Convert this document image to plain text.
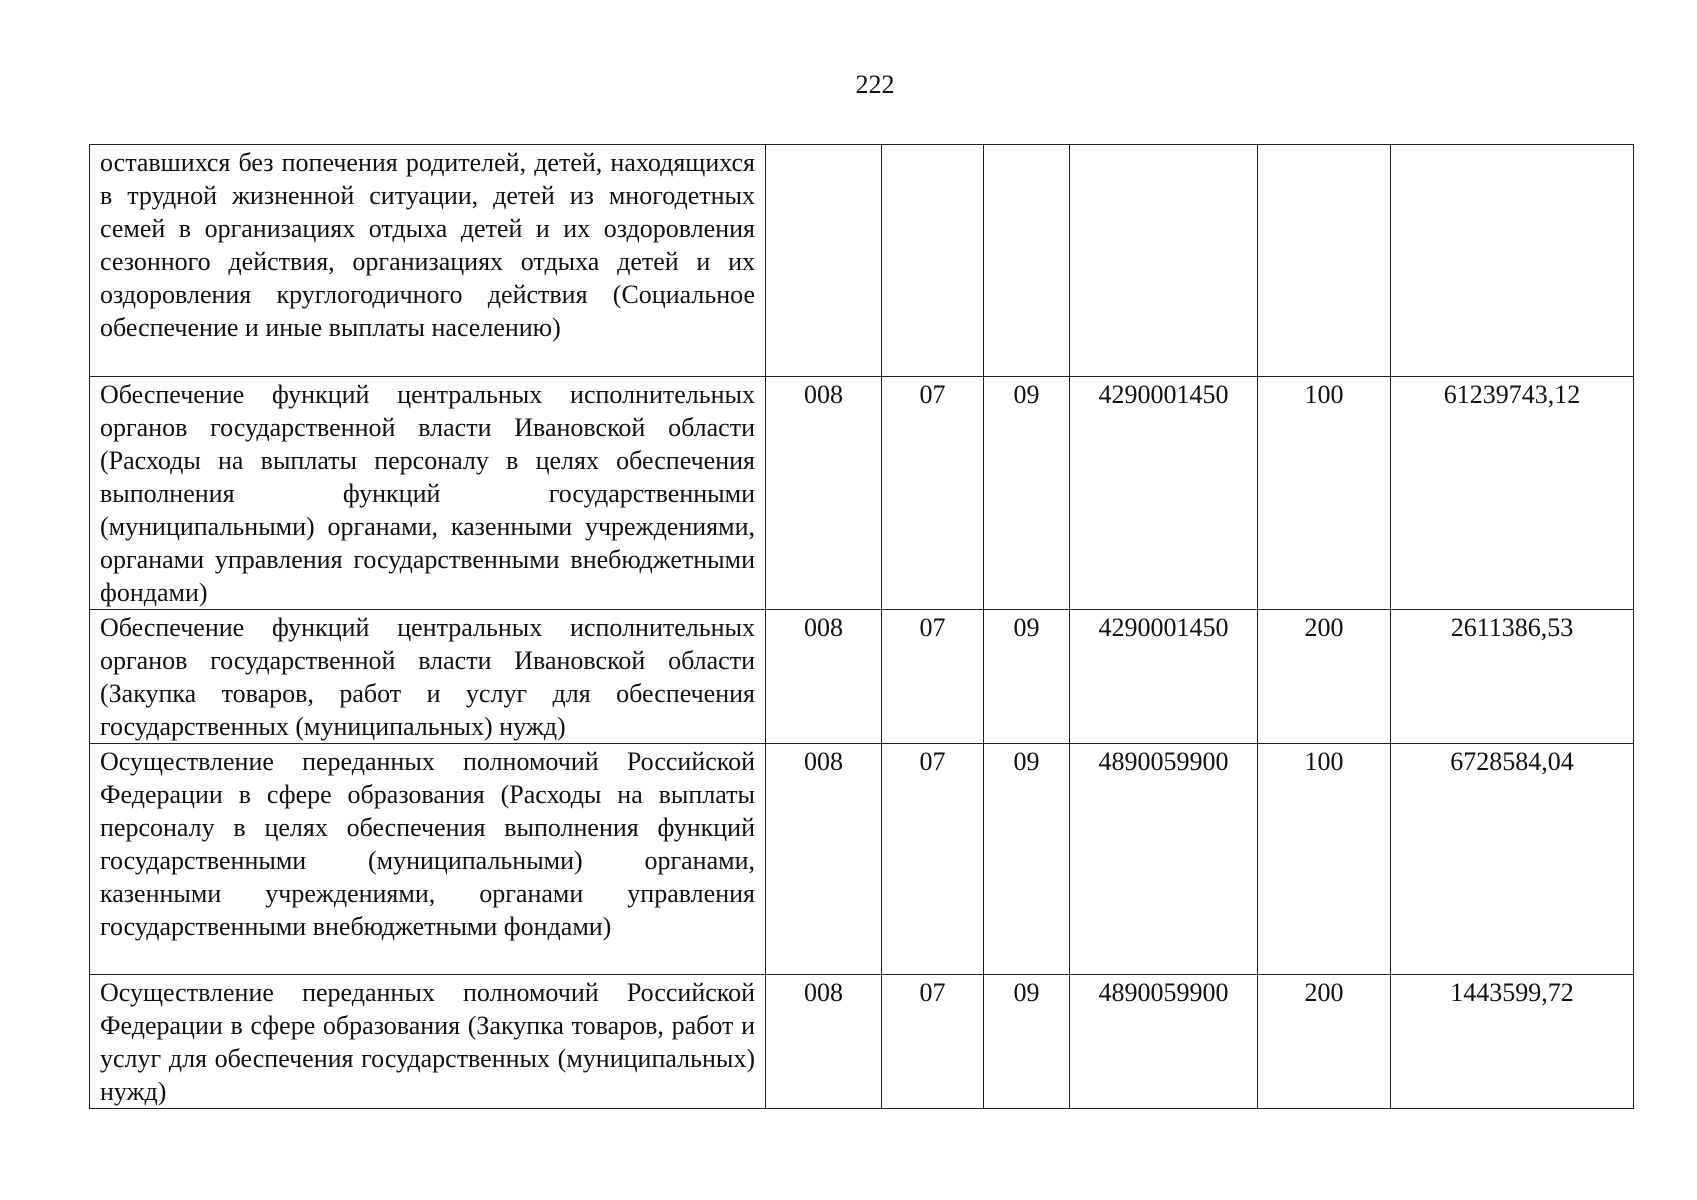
222
оставшихся без попечения родителей, детей, находящихся в трудной жизненной ситуации, детей из многодетных семей в организациях отдыха детей и их оздоровления сезонного действия, организациях отдыха детей и их оздоровления круглогодичного действия (Социальное обеспечение и иные выплаты населению)						
Обеспечение функций центральных исполнительных органов государственной власти Ивановской области (Расходы на выплаты персоналу в целях обеспечения выполнения функций государственными (муниципальными) органами, казенными учреждениями, органами управления государственными внебюджетными фондами)	008	07	09	4290001450	100	61239743,12
Обеспечение функций центральных исполнительных органов государственной власти Ивановской области (Закупка товаров, работ и услуг для обеспечения государственных (муниципальных) нужд)	008	07	09	4290001450	200	2611386,53
Осуществление переданных полномочий Российской Федерации в сфере образования (Расходы на выплаты персоналу в целях обеспечения выполнения функций государственными (муниципальными) органами, казенными учреждениями, органами управления государственными внебюджетными фондами)	008	07	09	4890059900	100	6728584,04
Осуществление переданных полномочий Российской Федерации в сфере образования (Закупка товаров, работ и услуг для обеспечения государственных (муниципальных) нужд)	008	07	09	4890059900	200	1443599,72
